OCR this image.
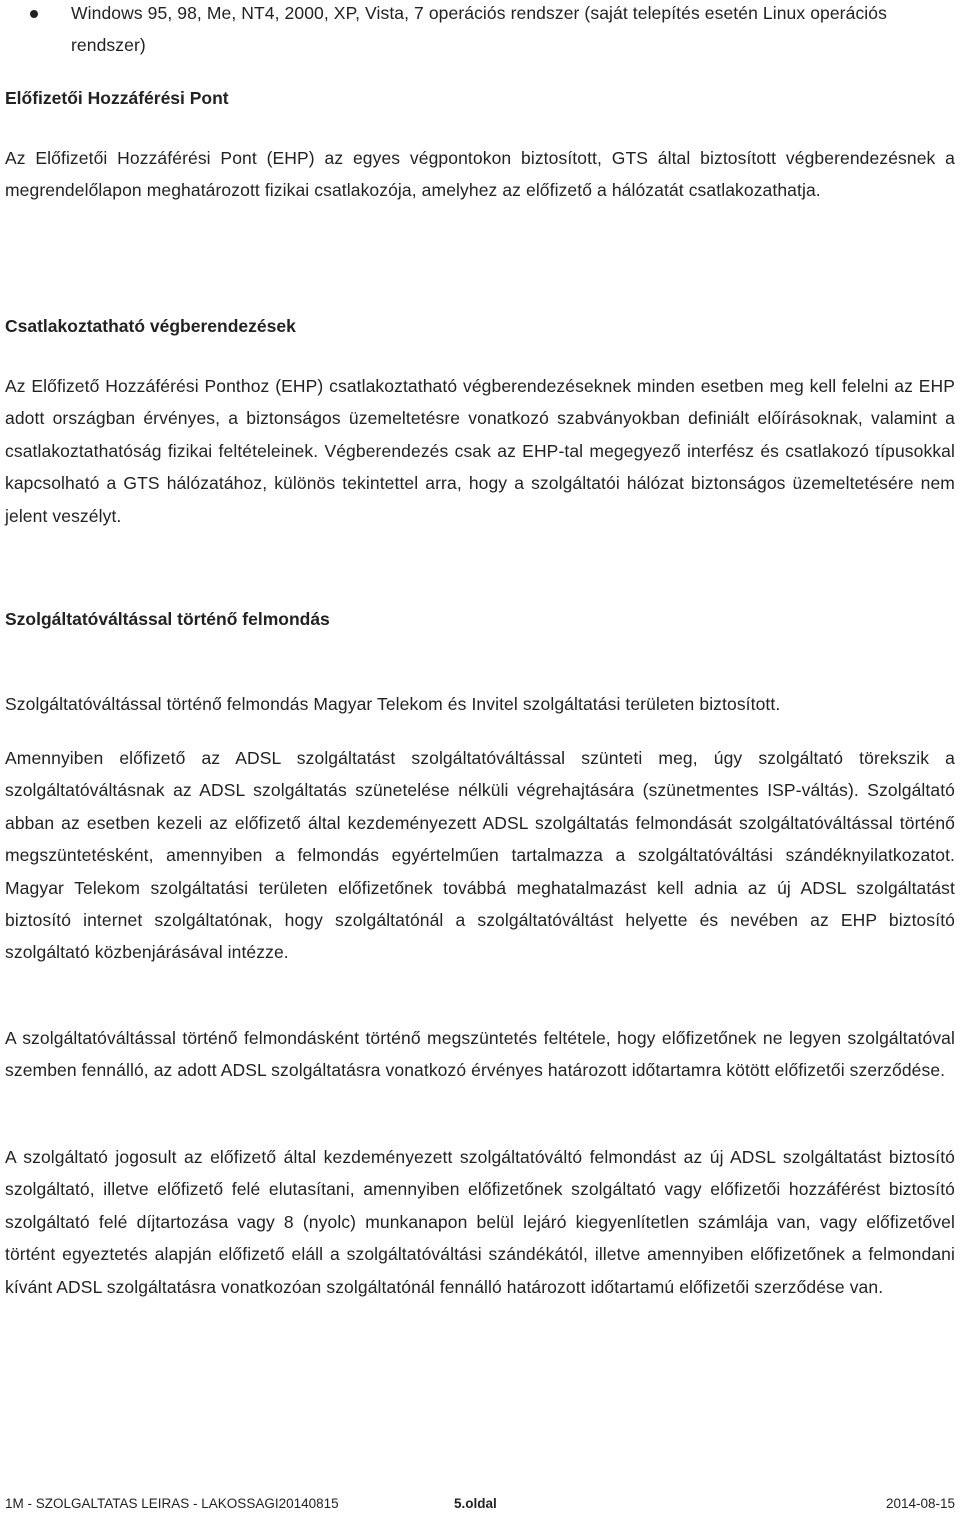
Windows 95, 98, Me, NT4, 2000, XP, Vista, 7 operációs rendszer (saját telepítés esetén Linux operációs rendszer)
Előfizetői Hozzáférési Pont

Az Előfizetői Hozzáférési Pont (EHP) az egyes végpontokon biztosított, GTS által biztosított végberendezésnek a megrendelőlapon meghatározott fizikai csatlakozója, amelyhez az előfizető a hálózatát csatlakozathatja.

Csatlakoztatható végberendezések

Az Előfizető Hozzáférési Ponthoz (EHP) csatlakoztatható végberendezéseknek minden esetben meg kell felelni az EHP adott országban érvényes, a biztonságos üzemeltetésre vonatkozó szabványokban definiált előírásoknak, valamint a csatlakoztathatóság fizikai feltételeinek. Végberendezés csak az EHP-tal megegyező interfész és csatlakozó típusokkal kapcsolható a GTS hálózatához, különös tekintettel arra, hogy a szolgáltatói hálózat biztonságos üzemeltetésére nem jelent veszélyt.

Szolgáltatóváltással történő felmondás

Szolgáltatóváltással történő felmondás Magyar Telekom és Invitel szolgáltatási területen biztosított.

Amennyiben előfizető az ADSL szolgáltatást szolgáltatóváltással szünteti meg, úgy szolgáltató törekszik a szolgáltatóváltásnak az ADSL szolgáltatás szünetelése nélküli végrehajtására (szünetmentes ISP-váltás). Szolgáltató abban az esetben kezeli az előfizető által kezdeményezett ADSL szolgáltatás felmondását szolgáltatóváltással történő megszüntetésként, amennyiben a felmondás egyértelműen tartalmazza a szolgáltatóváltási szándéknyilatkozatot. Magyar Telekom szolgáltatási területen előfizetőnek továbbá meghatalmazást kell adnia az új ADSL szolgáltatást biztosító internet szolgáltatónak, hogy szolgáltatónál a szolgáltatóváltást helyette és nevében az EHP biztosító szolgáltató közbenjárásával intézze.

A szolgáltatóváltással történő felmondásként történő megszüntetés feltétele, hogy előfizetőnek ne legyen szolgáltatóval szemben fennálló, az adott ADSL szolgáltatásra vonatkozó érvényes határozott időtartamra kötött előfizetői szerződése.

A szolgáltató jogosult az előfizető által kezdeményezett szolgáltatóváltó felmondást az új ADSL szolgáltatást biztosító szolgáltató, illetve előfizető felé elutasítani, amennyiben előfizetőnek szolgáltató vagy előfizetői hozzáférést biztosító szolgáltató felé díjtartozása vagy 8 (nyolc) munkanapon belül lejáró kiegyenlítetlen számlája van, vagy előfizetővel történt egyeztetés alapján előfizető eláll a szolgáltatóváltási szándékától, illetve amennyiben előfizetőnek a felmondani kívánt ADSL szolgáltatásra vonatkozóan szolgáltatónál fennálló határozott időtartamú előfizetői szerződése van.

1M - SZOLGALTATAS LEIRAS - LAKOSSAGI20140815	5.oldal	2014-08-15
